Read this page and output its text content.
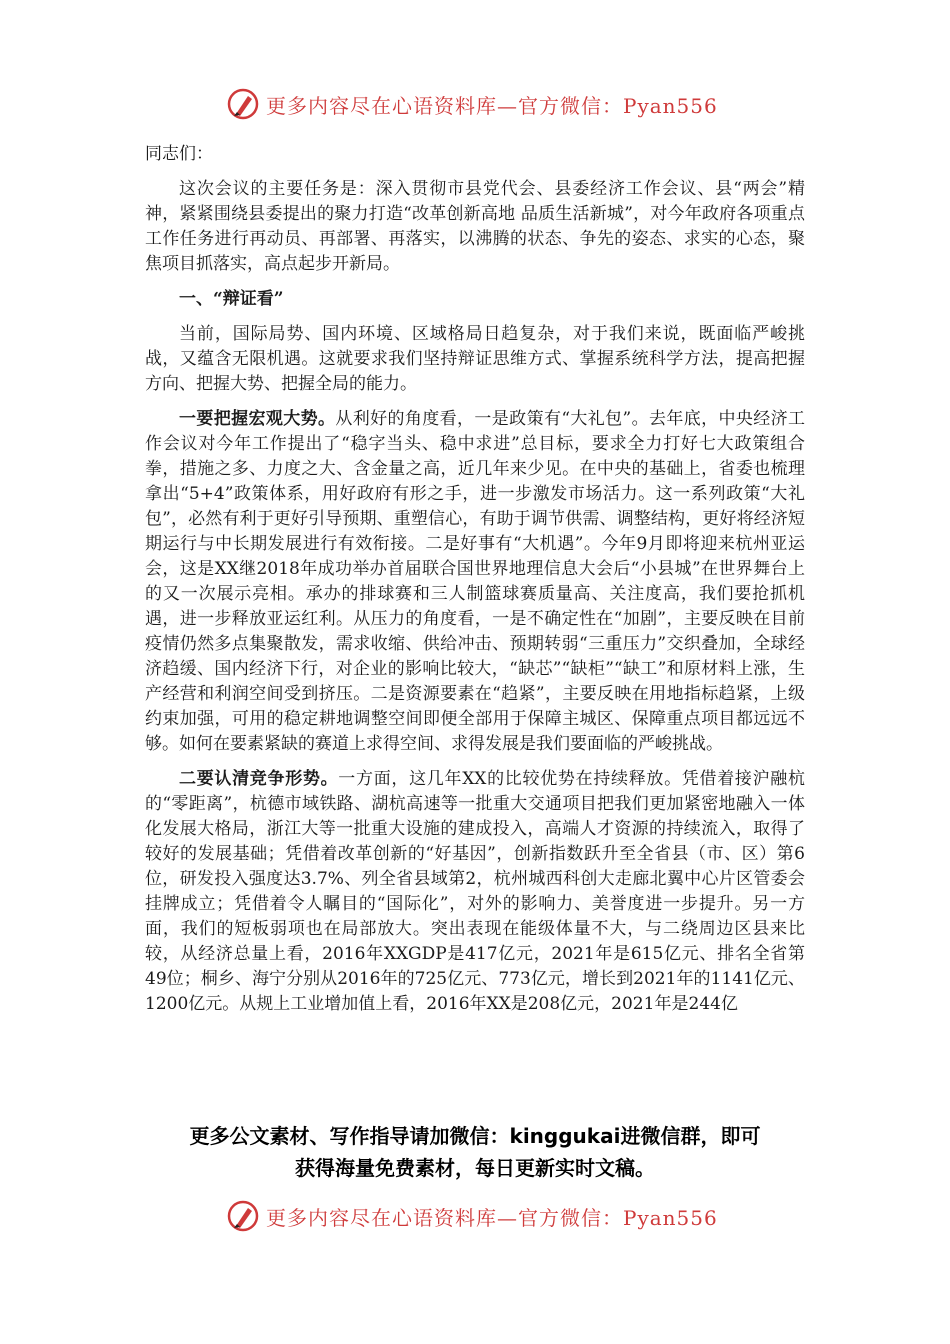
更多内容尽在心语资料库—官方微信：Pyan556

同志们：

这次会议的主要任务是：深入贯彻市县党代会、县委经济工作会议、县“两会”精神，紧紧围绕县委提出的聚力打造“改革创新高地 品质生活新城”，对今年政府各项重点工作任务进行再动员、再部署、再落实，以沸腾的状态、争先的姿态、求实的心态，聚焦项目抓落实，高点起步开新局。

一、“辩证看”

当前，国际局势、国内环境、区域格局日趋复杂，对于我们来说，既面临严峻挑战，又蕴含无限机遇。这就要求我们坚持辩证思维方式、掌握系统科学方法，提高把握方向、把握大势、把握全局的能力。

一要把握宏观大势。从利好的角度看，一是政策有“大礼包”。去年底，中央经济工作会议对今年工作提出了“稳字当头、稳中求进”总目标，要求全力打好七大政策组合拳，措施之多、力度之大、含金量之高，近几年来少见。在中央的基础上，省委也梳理拿出“5+4”政策体系，用好政府有形之手，进一步激发市场活力。这一系列政策“大礼包”，必然有利于更好引导预期、重塑信心，有助于调节供需、调整结构，更好将经济短期运行与中长期发展进行有效衔接。二是好事有“大机遇”。今年9月即将迎来杭州亚运会，这是XX继2018年成功举办首届联合国世界地理信息大会后“小县城”在世界舞台上的又一次展示亮相。承办的排球赛和三人制篮球赛质量高、关注度高，我们要抢抓机遇，进一步释放亚运红利。从压力的角度看，一是不确定性在“加剧”，主要反映在目前疫情仍然多点集聚散发，需求收缩、供给冲击、预期转弱“三重压力”交织叠加，全球经济趋缓、国内经济下行，对企业的影响比较大，“缺芯”“缺柜”“缺工”和原材料上涨，生产经营和利润空间受到挤压。二是资源要素在“趋紧”，主要反映在用地指标趋紧，上级约束加强，可用的稳定耕地调整空间即便全部用于保障主城区、保障重点项目都远远不够。如何在要素紧缺的赛道上求得空间、求得发展是我们要面临的严峻挑战。

二要认清竞争形势。一方面，这几年XX的比较优势在持续释放。凭借着接沪融杭的“零距离”，杭德市域铁路、湖杭高速等一批重大交通项目把我们更加紧密地融入一体化发展大格局，浙江大等一批重大设施的建成投入，高端人才资源的持续流入，取得了较好的发展基础；凭借着改革创新的“好基因”，创新指数跃升至全省县（市、区）第6位，研发投入强度达3.7%、列全省县域第2，杭州城西科创大走廊北翼中心片区管委会挂牌成立；凭借着令人瞩目的“国际化”，对外的影响力、美誉度进一步提升。另一方面，我们的短板弱项也在局部放大。突出表现在能级体量不大，与二绕周边区县来比较，从经济总量上看，2016年XXGDP是417亿元，2021年是615亿元、排名全省第49位；桐乡、海宁分别从2016年的725亿元、773亿元，增长到2021年的1141亿元、1200亿元。从规上工业增加值上看，2016年XX是208亿元，2021年是244亿

更多公文素材、写作指导请加微信：kinggukai进微信群，即可
获得海量免费素材，每日更新实时文稿。
更多内容尽在心语资料库—官方微信：Pyan556
